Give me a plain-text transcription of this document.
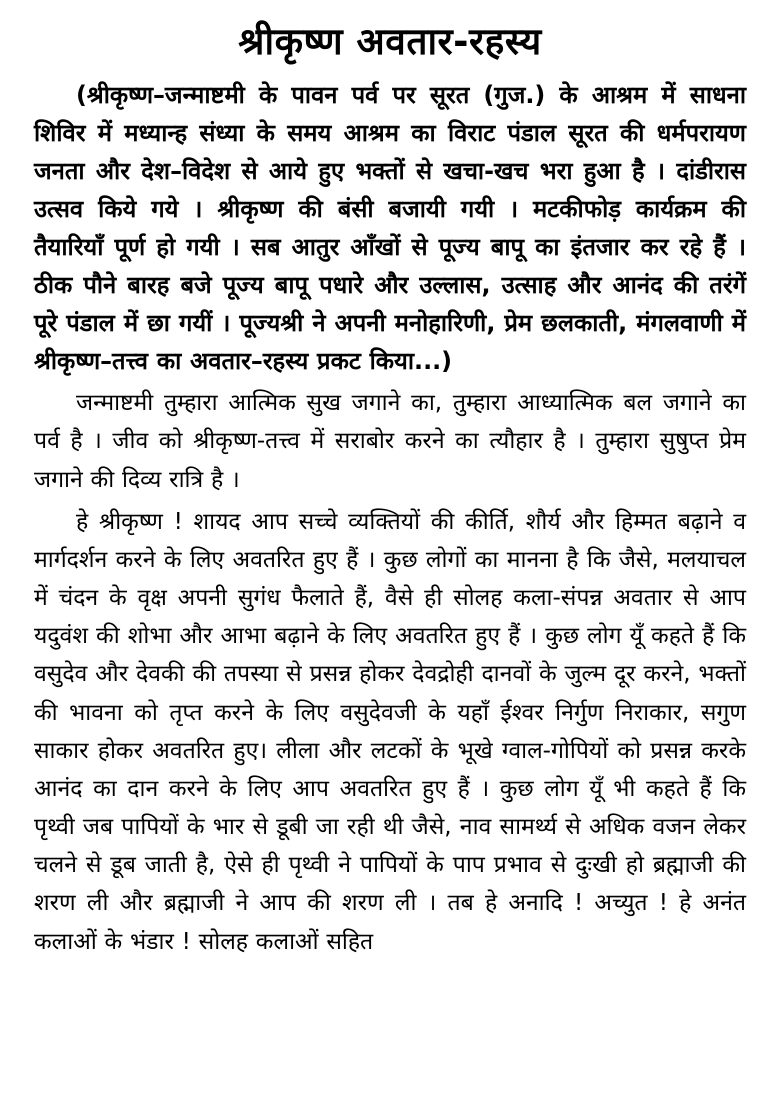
श्रीकृष्ण अवतार-रहस्य

(श्रीकृष्ण–जन्माष्टमी के पावन पर्व पर सूरत (गुज.) के आश्रम में साधना शिविर में मध्यान्ह संध्या के समय आश्रम का विराट पंडाल सूरत की धर्मपरायण जनता और देश–विदेश से आये हुए भक्तों से खचा-खच भरा हुआ है । दांडीरास उत्सव किये गये । श्रीकृष्ण की बंसी बजायी गयी । मटकीफोड़ कार्यक्रम की तैयारियाँ पूर्ण हो गयी । सब आतुर आँखों से पूज्य बापू का इंतजार कर रहे हैं । ठीक पौने बारह बजे पूज्य बापू पधारे और उल्लास, उत्साह और आनंद की तरंगें पूरे पंडाल में छा गयीं । पूज्यश्री ने अपनी मनोहारिणी, प्रेम छलकाती, मंगलवाणी में श्रीकृष्ण–तत्त्व का अवतार–रहस्य प्रकट किया...)

जन्माष्टमी तुम्हारा आत्मिक सुख जगाने का, तुम्हारा आध्यात्मिक बल जगाने का पर्व है । जीव को श्रीकृष्ण-तत्त्व में सराबोर करने का त्यौहार है । तुम्हारा सुषुप्त प्रेम जगाने की दिव्य रात्रि है ।

हे श्रीकृष्ण ! शायद आप सच्चे व्यक्तियों की कीर्ति, शौर्य और हिम्मत बढ़ाने व मार्गदर्शन करने के लिए अवतरित हुए हैं । कुछ लोगों का मानना है कि जैसे, मलयाचल में चंदन के वृक्ष अपनी सुगंध फैलाते हैं, वैसे ही सोलह कला-संपन्न अवतार से आप यदुवंश की शोभा और आभा बढ़ाने के लिए अवतरित हुए हैं । कुछ लोग यूँ कहते हैं कि वसुदेव और देवकी की तपस्या से प्रसन्न होकर देवद्रोही दानवों के जुल्म दूर करने, भक्तों की भावना को तृप्त करने के लिए वसुदेवजी के यहाँ ईश्वर निर्गुण निराकार, सगुण साकार होकर अवतरित हुए। लीला और लटकों के भूखे ग्वाल-गोपियों को प्रसन्न करके आनंद का दान करने के लिए आप अवतरित हुए हैं । कुछ लोग यूँ भी कहते हैं कि पृथ्वी जब पापियों के भार से डूबी जा रही थी जैसे, नाव सामर्थ्य से अधिक वजन लेकर चलने से डूब जाती है, ऐसे ही पृथ्वी ने पापियों के पाप प्रभाव से दुःखी हो ब्रह्माजी की शरण ली और ब्रह्माजी ने आप की शरण ली । तब हे अनादि ! अच्युत ! हे अनंत कलाओं के भंडार ! सोलह कलाओं सहित
